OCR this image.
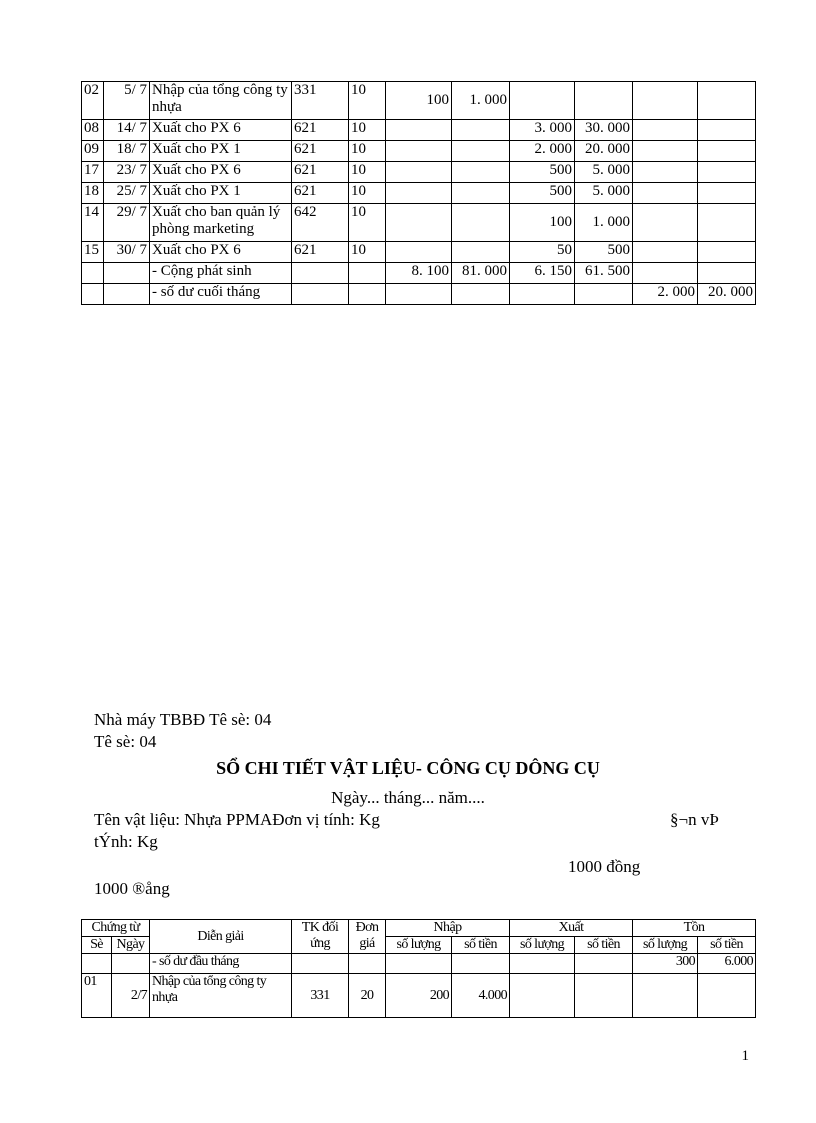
02	5/ 7	Nhập của tổng công ty nhựa	331	10	100	1. 000				
08	14/ 7	Xuất cho PX 6	621	10			3. 000	30. 000		
09	18/ 7	Xuất cho PX 1	621	10			2. 000	20. 000		
17	23/ 7	Xuất cho PX 6	621	10			500	5. 000		
18	25/ 7	Xuất cho PX 1	621	10			500	5. 000		
14	29/ 7	Xuất cho ban quản lý phòng marketing	642	10			100	1. 000		
15	30/ 7	Xuất cho PX 6	621	10			50	500		
		- Cộng phát sinh			8. 100	81. 000	6. 150	61. 500		
		- số dư cuối tháng							2. 000	20. 000
Nhà máy TBBĐ Tê sè: 04
Tê sè: 04
SỔ CHI TIẾT VẬT LIỆU- CÔNG CỤ DÔNG CỤ
Ngày... tháng... năm....
Tên vật liệu: Nhựa PPMAĐơn vị tính: Kg	§¬n vÞ
tÝnh: Kg
1000 đồng
1000 ®ång
Chứng từ		Diễn giải	TK đối ứng	Đơn giá	Nhập		Xuất		Tồn	
Sè	Ngày				số lượng	số tiền	số lượng	số tiền	số lượng	số tiền
		- số dư đầu tháng							300	6.000
01	2/7	Nhập của tổng công ty nhựa	331	20	200	4.000				
1
